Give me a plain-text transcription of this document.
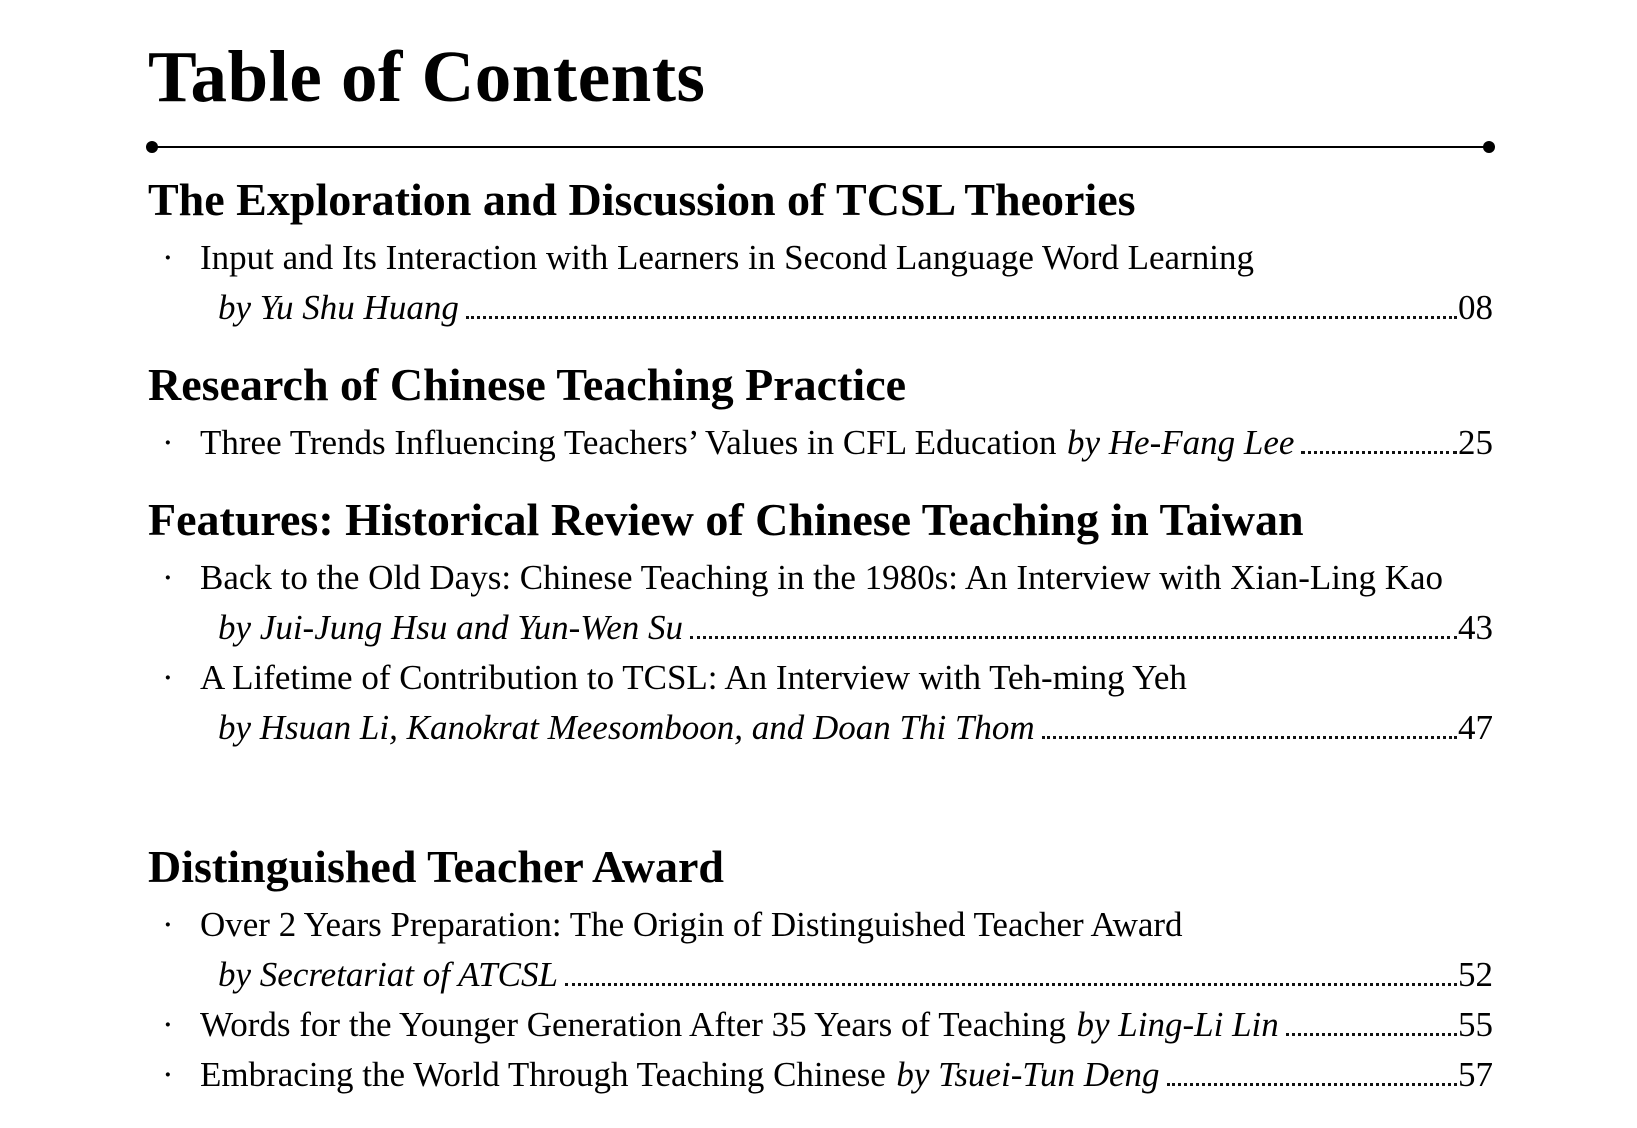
Table of Contents
The Exploration and Discussion of TCSL Theories
· Input and Its Interaction with Learners in Second Language Word Learning
by Yu Shu Huang	08
Research of Chinese Teaching Practice
· Three Trends Influencing Teachers’ Values in CFL Education by He-Fang Lee	25
Features: Historical Review of Chinese Teaching in Taiwan
· Back to the Old Days: Chinese Teaching in the 1980s: An Interview with Xian-Ling Kao
by Jui-Jung Hsu and Yun-Wen Su	43
· A Lifetime of Contribution to TCSL: An Interview with Teh-ming Yeh
by Hsuan Li, Kanokrat Meesomboon, and Doan Thi Thom	47
Distinguished Teacher Award
· Over 2 Years Preparation: The Origin of Distinguished Teacher Award
by Secretariat of ATCSL	52
· Words for the Younger Generation After 35 Years of Teaching by Ling-Li Lin	55
· Embracing the World Through Teaching Chinese by Tsuei-Tun Deng	57
